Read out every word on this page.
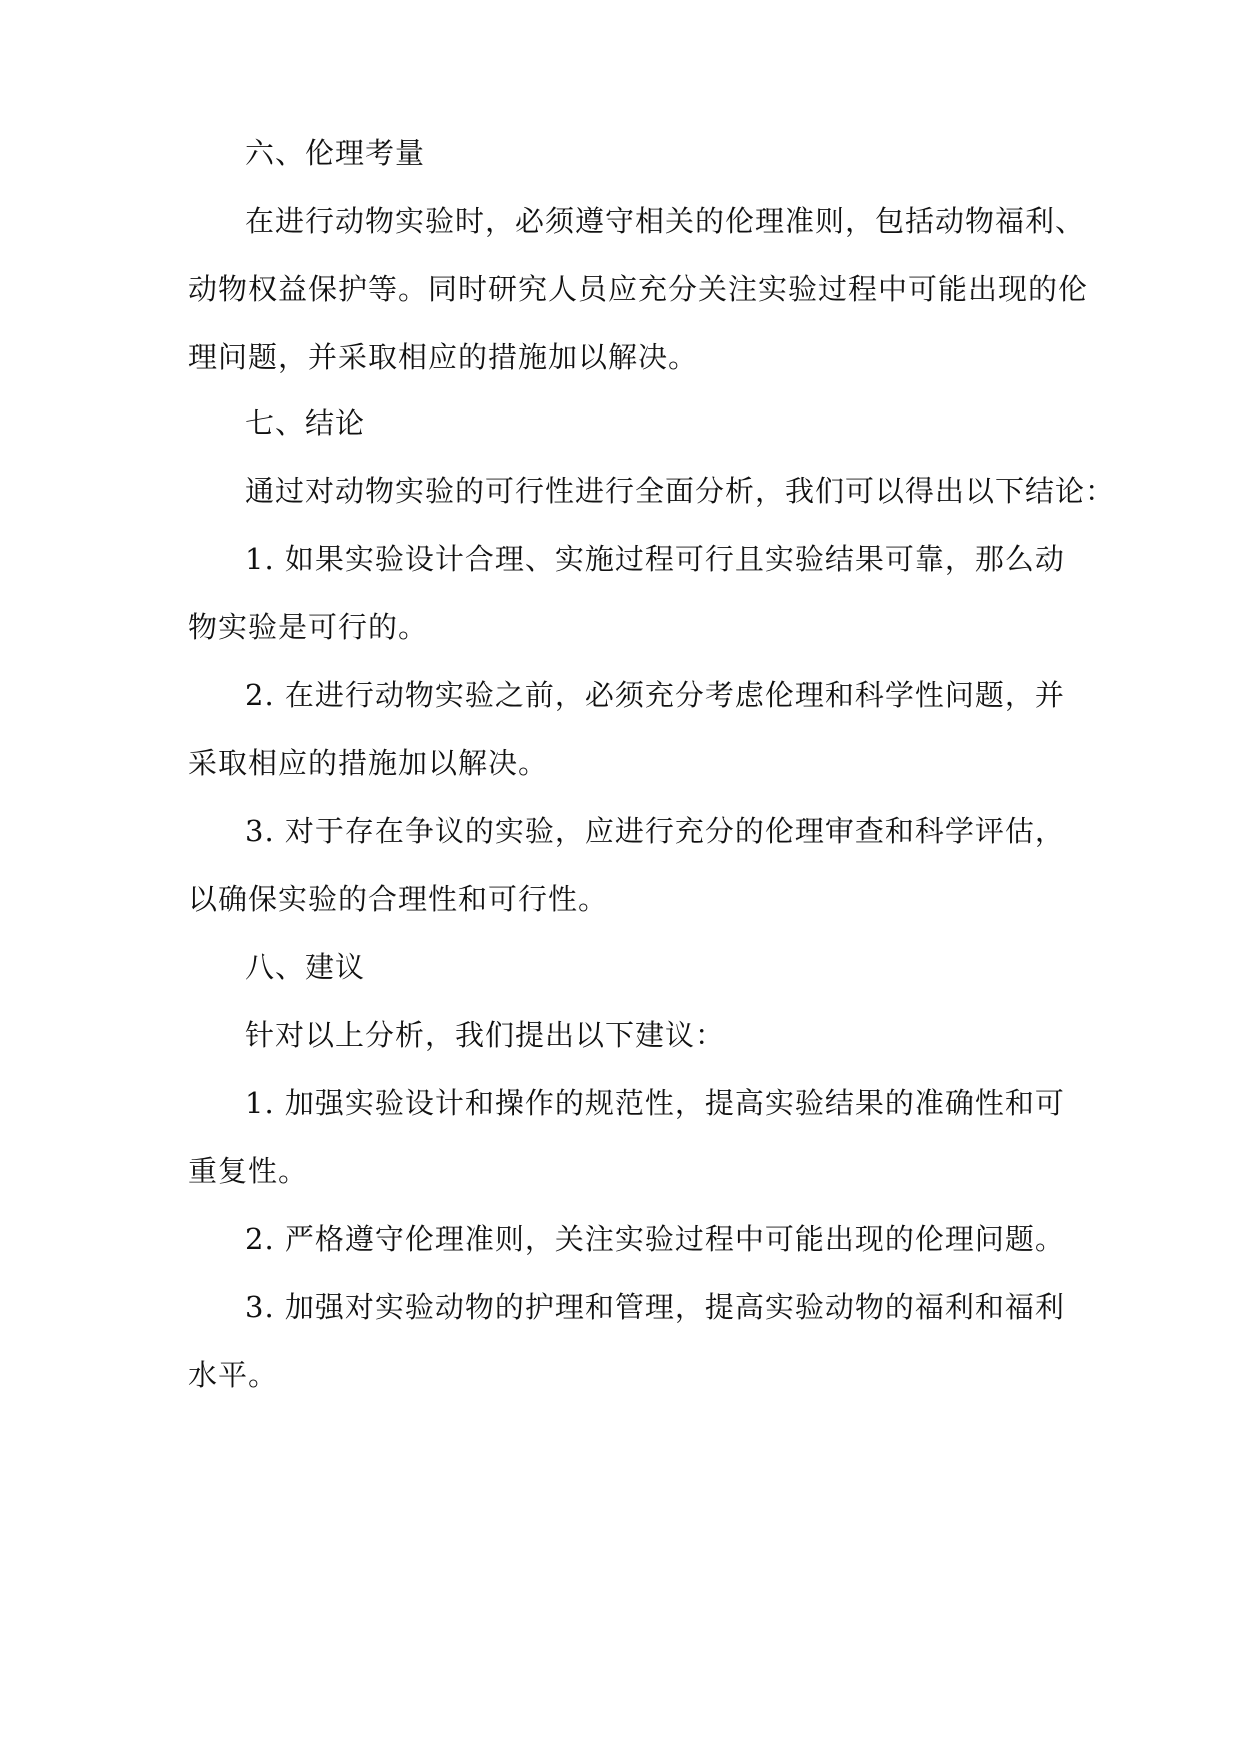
六、伦理考量
在进行动物实验时，必须遵守相关的伦理准则，包括动物福利、
动物权益保护等。同时研究人员应充分关注实验过程中可能出现的伦
理问题，并采取相应的措施加以解决。
七、结论
通过对动物实验的可行性进行全面分析，我们可以得出以下结论：
1. 如果实验设计合理、实施过程可行且实验结果可靠，那么动
物实验是可行的。
2. 在进行动物实验之前，必须充分考虑伦理和科学性问题，并
采取相应的措施加以解决。
3. 对于存在争议的实验，应进行充分的伦理审查和科学评估，
以确保实验的合理性和可行性。
八、建议
针对以上分析，我们提出以下建议：
1. 加强实验设计和操作的规范性，提高实验结果的准确性和可
重复性。
2. 严格遵守伦理准则，关注实验过程中可能出现的伦理问题。
3. 加强对实验动物的护理和管理，提高实验动物的福利和福利
水平。
